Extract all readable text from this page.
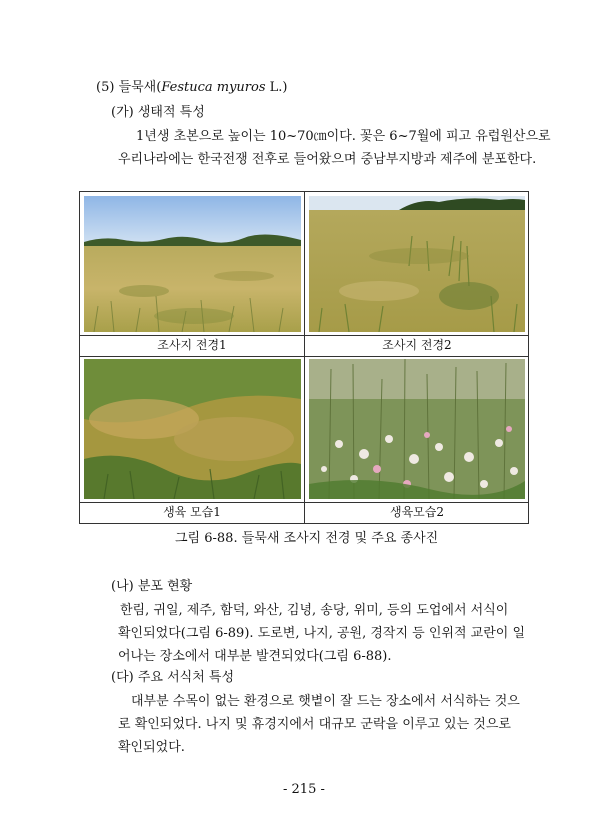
(5) 들묵새(Festuca myuros L.)
(가) 생태적 특성
1년생 초본으로 높이는 10~70㎝이다. 꽃은 6~7월에 피고 유럽원산으로
우리나라에는 한국전쟁 전후로 들어왔으며 중남부지방과 제주에 분포한다.
조사지 전경1	조사지 전경2
생육 모습1	생육모습2
그림 6-88. 들묵새 조사지 전경 및 주요 종사진
(나) 분포 현황
한림, 귀일, 제주, 함덕, 와산, 김녕, 송당, 위미, 등의 도업에서 서식이
확인되었다(그림 6-89). 도로변, 나지, 공원, 경작지 등 인위적 교란이 일
어나는 장소에서 대부분 발견되었다(그림 6-88).
(다) 주요 서식처 특성
대부분 수목이 없는 환경으로 햇볕이 잘 드는 장소에서 서식하는 것으
로 확인되었다. 나지 및 휴경지에서 대규모 군락을 이루고 있는 것으로
확인되었다.
- 215 -
